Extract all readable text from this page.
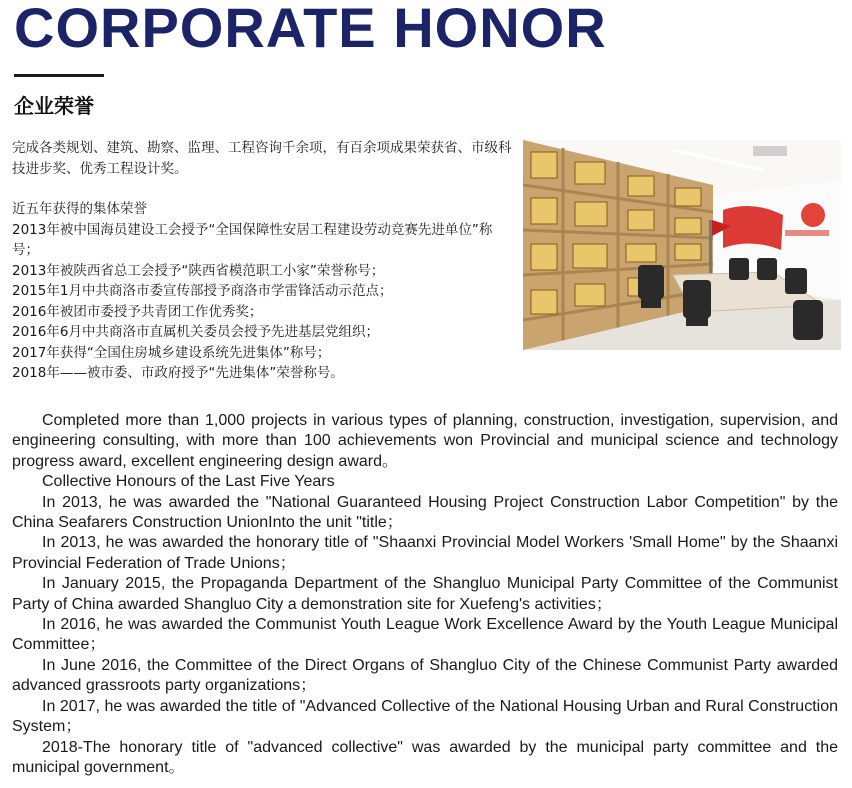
CORPORATE HONOR
企业荣誉

完成各类规划、建筑、勘察、监理、工程咨询千余项，有百余项成果荣获省、市级科技进步奖、优秀工程设计奖。

近五年获得的集体荣誉

2013年被中国海员建设工会授予“全国保障性安居工程建设劳动竞赛先进单位”称号；

2013年被陕西省总工会授予“陕西省模范职工小家”荣誉称号；

2015年1月中共商洛市委宣传部授予商洛市学雷锋活动示范点；

2016年被团市委授予共青团工作优秀奖；

2016年6月中共商洛市直属机关委员会授予先进基层党组织；

2017年获得“全国住房城乡建设系统先进集体”称号；

2018年——被市委、市政府授予“先进集体”荣誉称号。

Completed more than 1,000 projects in various types of planning, construction, investigation, supervision, and engineering consulting, with more than 100 achievements won Provincial and municipal science and technology progress award, excellent engineering design award。

Collective Honours of the Last Five Years

In 2013, he was awarded the "National Guaranteed Housing Project Construction Labor Competition" by the China Seafarers Construction UnionInto the unit "title；

In 2013, he was awarded the honorary title of "Shaanxi Provincial Model Workers 'Small Home" by the Shaanxi Provincial Federation of Trade Unions；

In January 2015, the Propaganda Department of the Shangluo Municipal Party Committee of the Communist Party of China awarded Shangluo City a demonstration site for Xuefeng's activities；

In 2016, he was awarded the Communist Youth League Work Excellence Award by the Youth League Municipal Committee；

In June 2016, the Committee of the Direct Organs of Shangluo City of the Chinese Communist Party awarded advanced grassroots party organizations；

In 2017, he was awarded the title of "Advanced Collective of the National Housing Urban and Rural Construction System；

2018-The honorary title of "advanced collective" was awarded by the municipal party committee and the municipal government。
